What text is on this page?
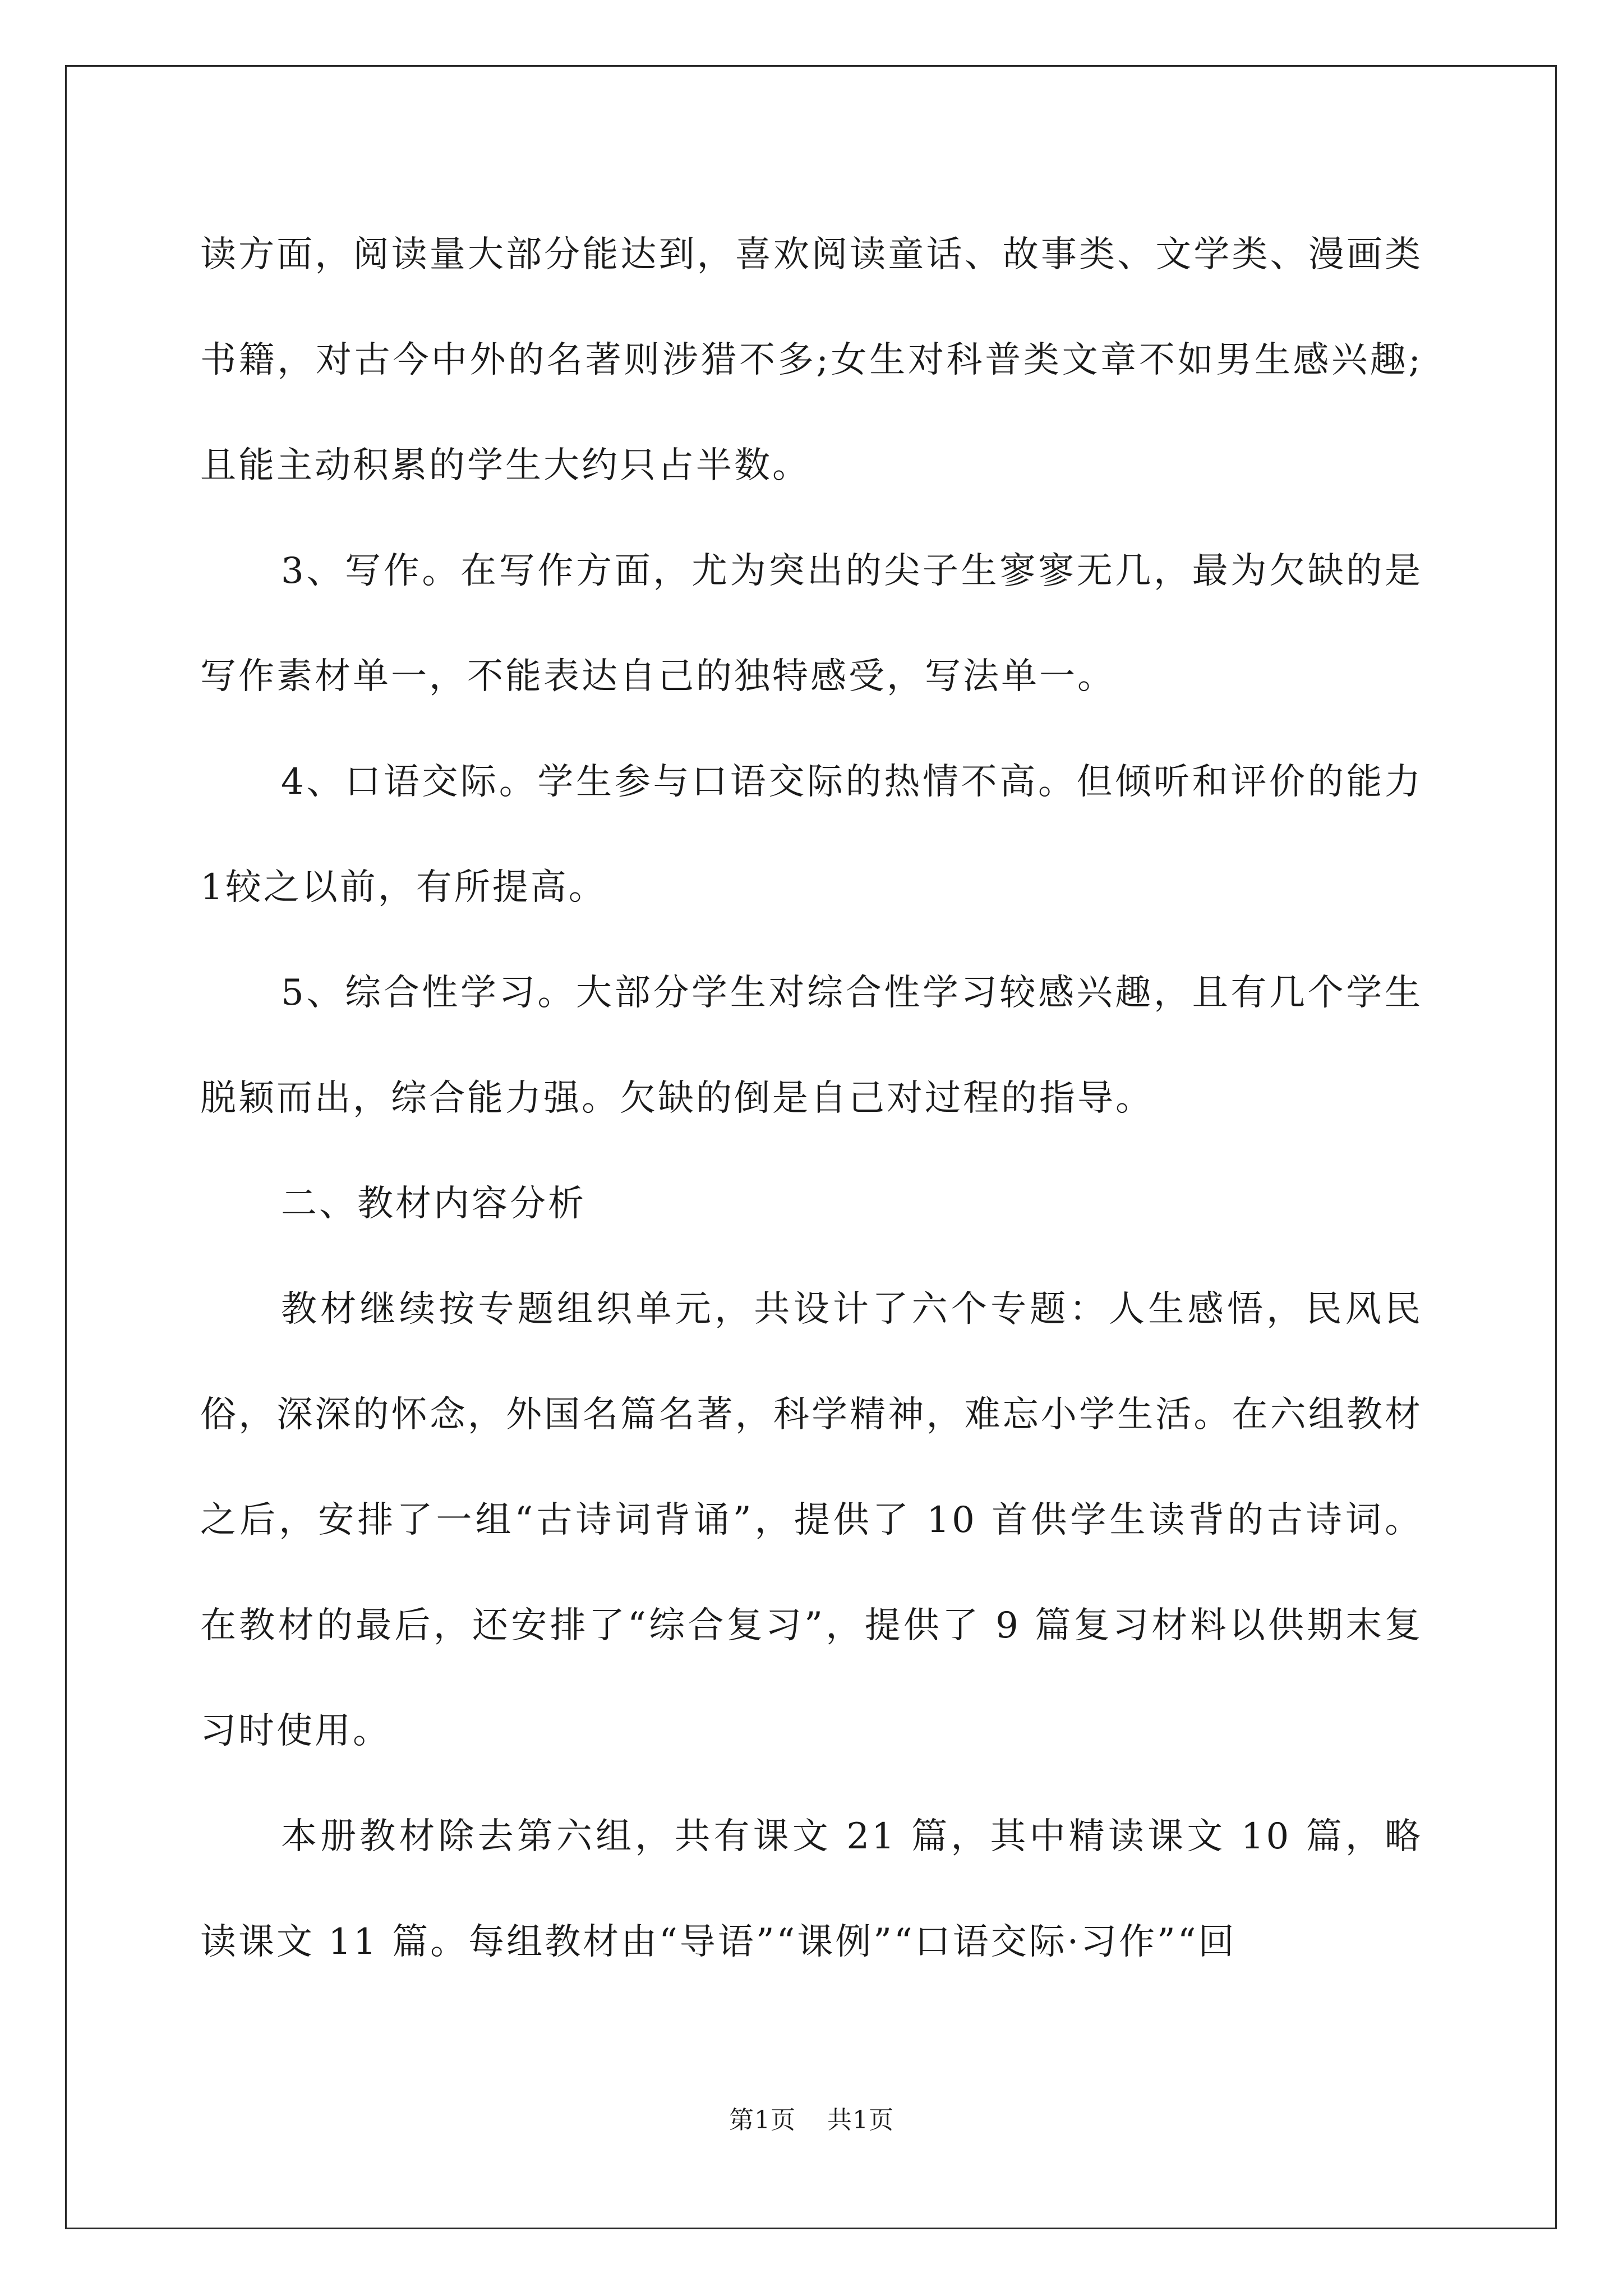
读方面，阅读量大部分能达到，喜欢阅读童话、故事类、文学类、漫画类书籍，对古今中外的名著则涉猎不多;女生对科普类文章不如男生感兴趣;且能主动积累的学生大约只占半数。

3、写作。在写作方面，尤为突出的尖子生寥寥无几，最为欠缺的是写作素材单一，不能表达自己的独特感受，写法单一。

4、口语交际。学生参与口语交际的热情不高。但倾听和评价的能力 1较之以前，有所提高。

5、综合性学习。大部分学生对综合性学习较感兴趣，且有几个学生脱颖而出，综合能力强。欠缺的倒是自己对过程的指导。

二、教材内容分析

教材继续按专题组织单元，共设计了六个专题：人生感悟，民风民俗，深深的怀念，外国名篇名著，科学精神，难忘小学生活。在六组教材之后，安排了一组“古诗词背诵”，提供了 10 首供学生读背的古诗词。在教材的最后，还安排了“综合复习”，提供了 9 篇复习材料以供期末复习时使用。

本册教材除去第六组，共有课文 21 篇，其中精读课文 10 篇，略读课文 11 篇。每组教材由“导语”“课例”“口语交际·习作”“回

第1页 共1页
